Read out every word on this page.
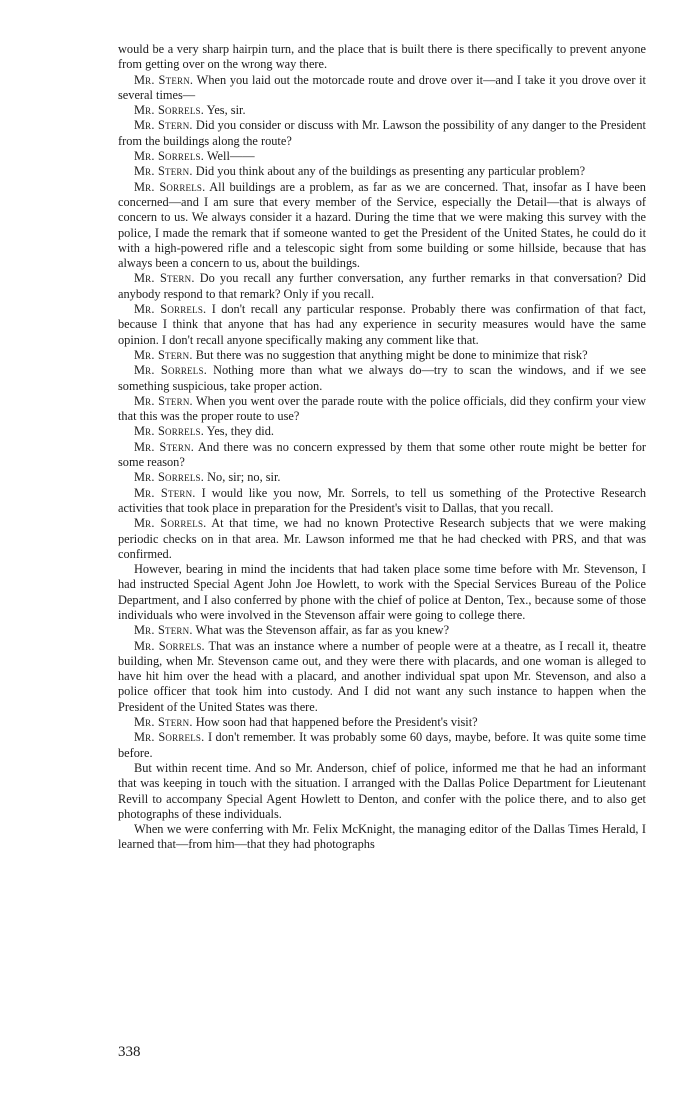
would be a very sharp hairpin turn, and the place that is built there is there specifically to prevent anyone from getting over on the wrong way there.

Mr. Stern. When you laid out the motorcade route and drove over it—and I take it you drove over it several times—

Mr. Sorrels. Yes, sir.

Mr. Stern. Did you consider or discuss with Mr. Lawson the possibility of any danger to the President from the buildings along the route?

Mr. Sorrels. Well——

Mr. Stern. Did you think about any of the buildings as presenting any particular problem?

Mr. Sorrels. All buildings are a problem, as far as we are concerned. That, insofar as I have been concerned—and I am sure that every member of the Service, especially the Detail—that is always of concern to us. We always consider it a hazard. During the time that we were making this survey with the police, I made the remark that if someone wanted to get the President of the United States, he could do it with a high-powered rifle and a telescopic sight from some building or some hillside, because that has always been a concern to us, about the buildings.

Mr. Stern. Do you recall any further conversation, any further remarks in that conversation? Did anybody respond to that remark? Only if you recall.

Mr. Sorrels. I don't recall any particular response. Probably there was confirmation of that fact, because I think that anyone that has had any experience in security measures would have the same opinion. I don't recall anyone specifically making any comment like that.

Mr. Stern. But there was no suggestion that anything might be done to minimize that risk?

Mr. Sorrels. Nothing more than what we always do—try to scan the windows, and if we see something suspicious, take proper action.

Mr. Stern. When you went over the parade route with the police officials, did they confirm your view that this was the proper route to use?

Mr. Sorrels. Yes, they did.

Mr. Stern. And there was no concern expressed by them that some other route might be better for some reason?

Mr. Sorrels. No, sir; no, sir.

Mr. Stern. I would like you now, Mr. Sorrels, to tell us something of the Protective Research activities that took place in preparation for the President's visit to Dallas, that you recall.

Mr. Sorrels. At that time, we had no known Protective Research subjects that we were making periodic checks on in that area. Mr. Lawson informed me that he had checked with PRS, and that was confirmed.

However, bearing in mind the incidents that had taken place some time before with Mr. Stevenson, I had instructed Special Agent John Joe Howlett, to work with the Special Services Bureau of the Police Department, and I also conferred by phone with the chief of police at Denton, Tex., because some of those individuals who were involved in the Stevenson affair were going to college there.

Mr. Stern. What was the Stevenson affair, as far as you knew?

Mr. Sorrels. That was an instance where a number of people were at a theatre, as I recall it, theatre building, when Mr. Stevenson came out, and they were there with placards, and one woman is alleged to have hit him over the head with a placard, and another individual spat upon Mr. Stevenson, and also a police officer that took him into custody. And I did not want any such instance to happen when the President of the United States was there.

Mr. Stern. How soon had that happened before the President's visit?

Mr. Sorrels. I don't remember. It was probably some 60 days, maybe, before. It was quite some time before.

But within recent time. And so Mr. Anderson, chief of police, informed me that he had an informant that was keeping in touch with the situation. I arranged with the Dallas Police Department for Lieutenant Revill to accompany Special Agent Howlett to Denton, and confer with the police there, and to also get photographs of these individuals.

When we were conferring with Mr. Felix McKnight, the managing editor of the Dallas Times Herald, I learned that—from him—that they had photographs

338
